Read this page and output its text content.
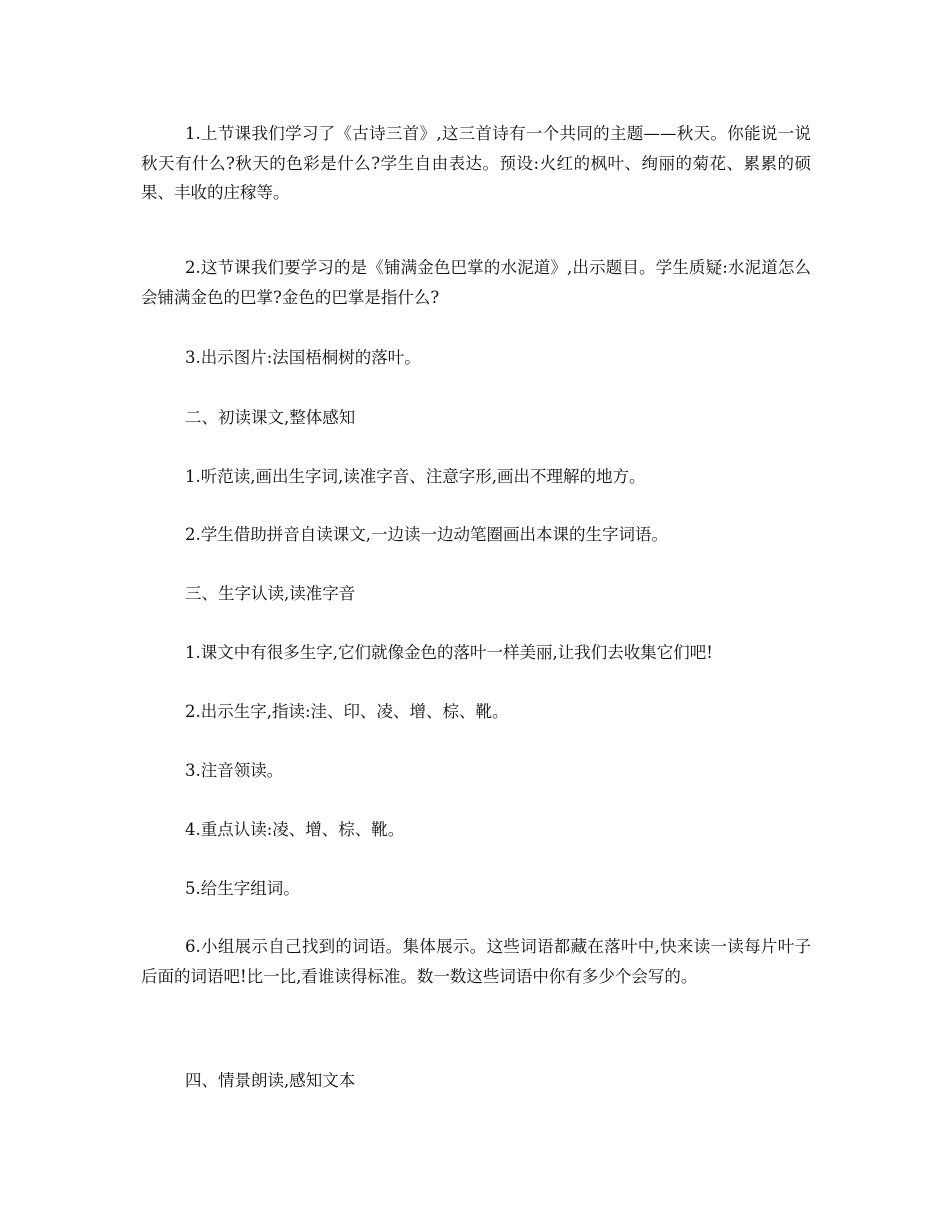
1.上节课我们学习了《古诗三首》,这三首诗有一个共同的主题——秋天。你能说一说秋天有什么?秋天的色彩是什么?学生自由表达。预设:火红的枫叶、绚丽的菊花、累累的硕果、丰收的庄稼等。

2.这节课我们要学习的是《铺满金色巴掌的水泥道》,出示题目。学生质疑:水泥道怎么会铺满金色的巴掌?金色的巴掌是指什么?

3.出示图片:法国梧桐树的落叶。

二、初读课文,整体感知

1.听范读,画出生字词,读准字音、注意字形,画出不理解的地方。

2.学生借助拼音自读课文,一边读一边动笔圈画出本课的生字词语。

三、生字认读,读准字音

1.课文中有很多生字,它们就像金色的落叶一样美丽,让我们去收集它们吧!

2.出示生字,指读:洼、印、凌、增、棕、靴。

3.注音领读。

4.重点认读:凌、增、棕、靴。

5.给生字组词。

6.小组展示自己找到的词语。集体展示。这些词语都藏在落叶中,快来读一读每片叶子后面的词语吧!比一比,看谁读得标准。数一数这些词语中你有多少个会写的。

四、情景朗读,感知文本
